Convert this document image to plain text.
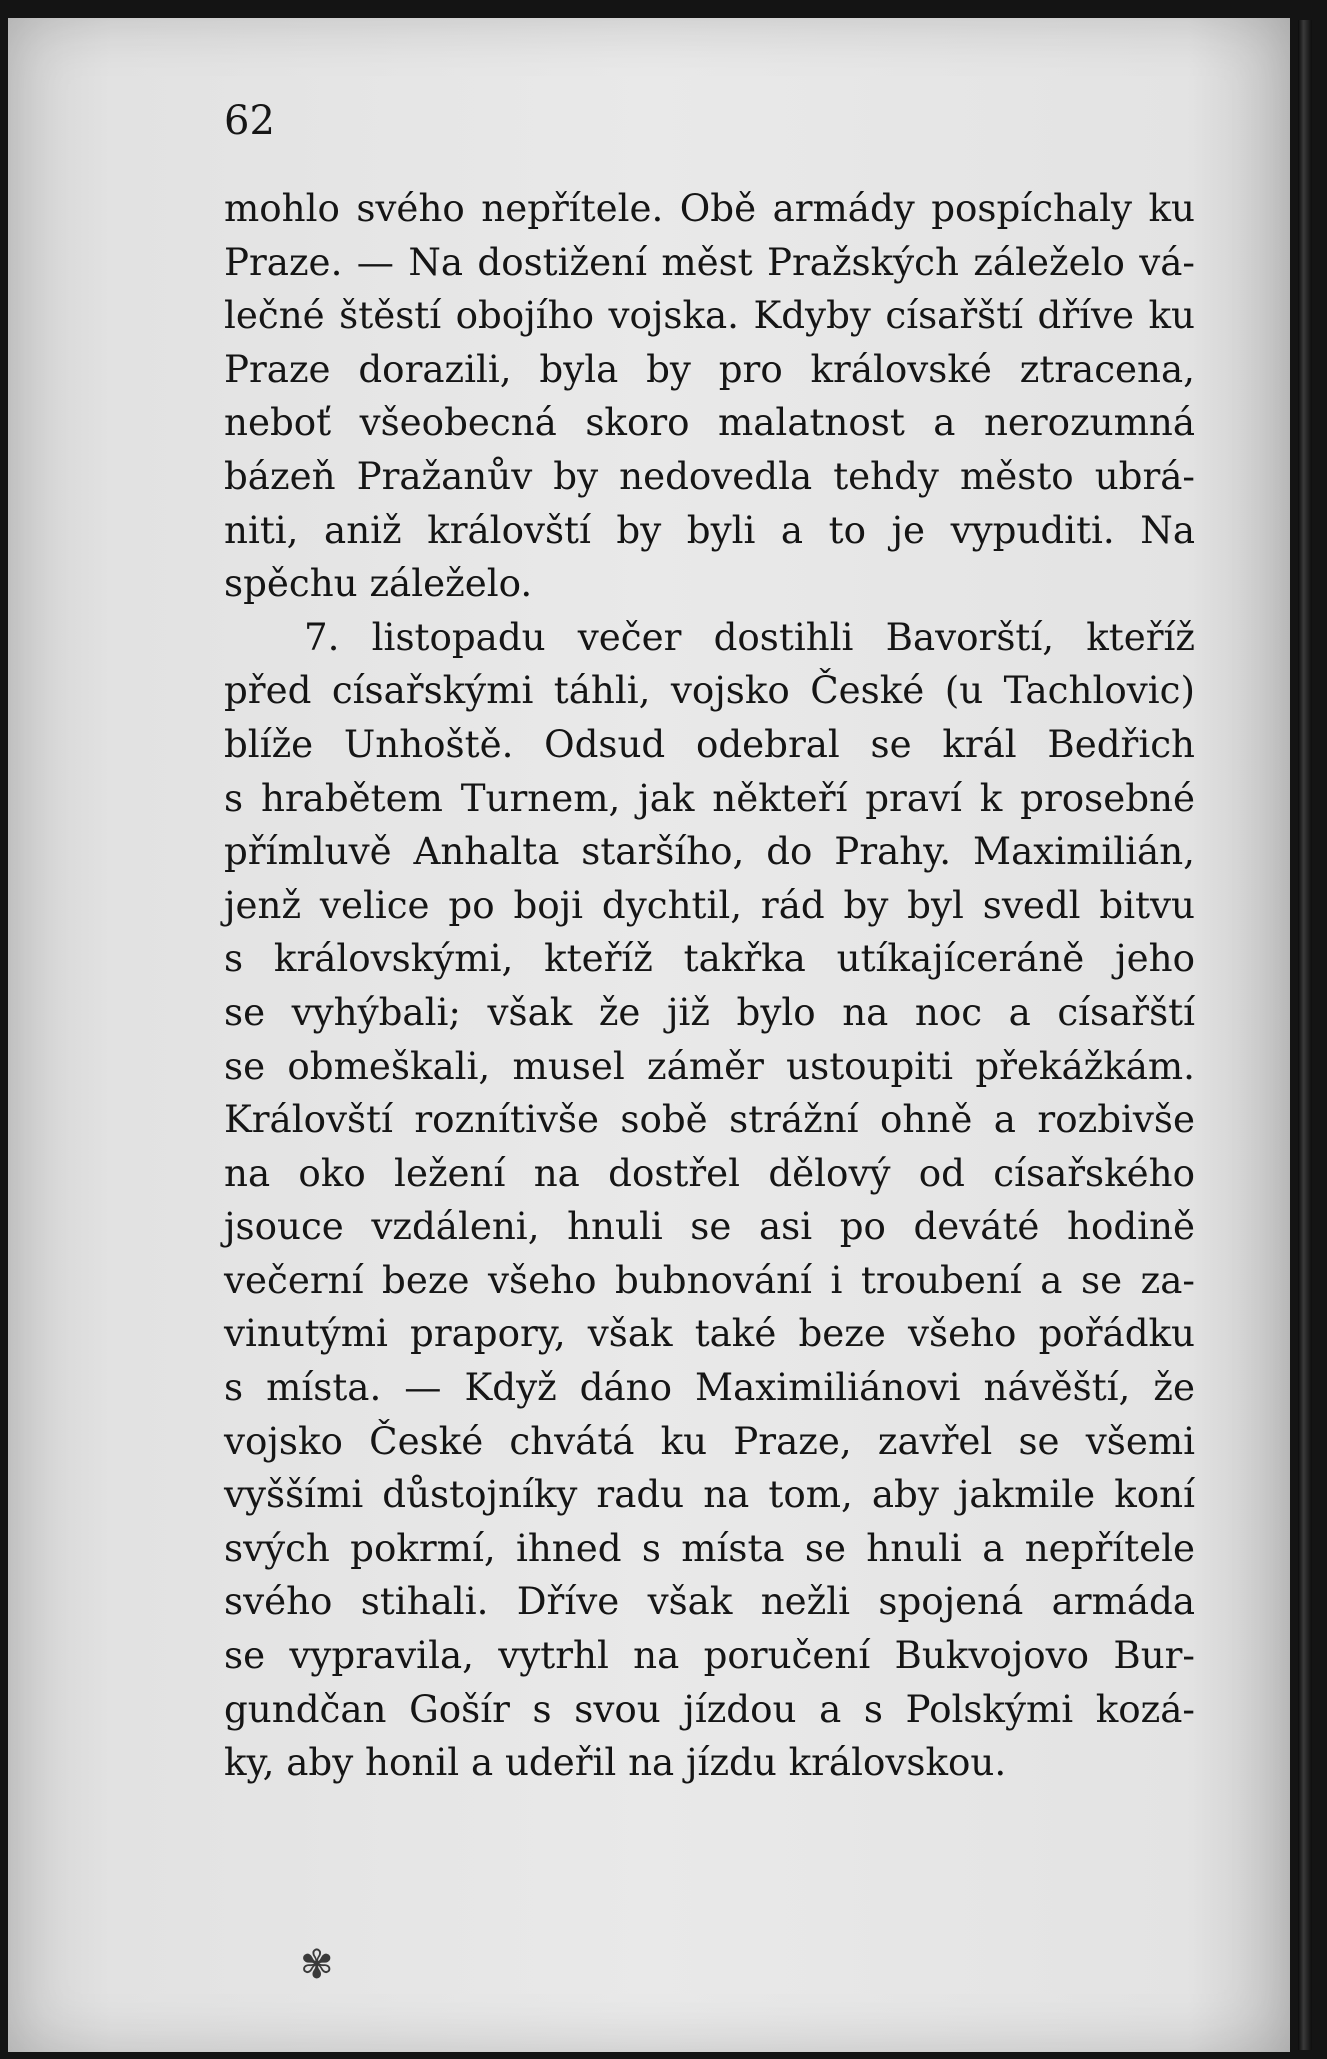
62
mohlo svého nepřítele. Obě armády pospíchaly ku
Praze. — Na dostižení měst Pražských záleželo vá-
lečné štěstí obojího vojska. Kdyby císařští dříve ku
Praze dorazili, byla by pro královské ztracena,
neboť všeobecná skoro malatnost a nerozumná
bázeň Pražanův by nedovedla tehdy město ubrá-
niti, aniž královští by byli a to je vypuditi. Na
spěchu záleželo.
7. listopadu večer dostihli Bavorští, kteříž
před císařskými táhli, vojsko České (u Tachlovic)
blíže Unhoště. Odsud odebral se král Bedřich
s hrabětem Turnem, jak někteří praví k prosebné
přímluvě Anhalta staršího, do Prahy. Maximilián,
jenž velice po boji dychtil, rád by byl svedl bitvu
s královskými, kteříž takřka utíkajíceráně jeho
se vyhýbali; však že již bylo na noc a císařští
se obmeškali, musel záměr ustoupiti překážkám.
Královští roznítivše sobě strážní ohně a rozbivše
na oko ležení na dostřel dělový od císařského
jsouce vzdáleni, hnuli se asi po deváté hodině
večerní beze všeho bubnování i troubení a se za-
vinutými prapory, však také beze všeho pořádku
s místa. — Když dáno Maximiliánovi návěští, že
vojsko České chvátá ku Praze, zavřel se všemi
vyššími důstojníky radu na tom, aby jakmile koní
svých pokrmí, ihned s místa se hnuli a nepřítele
svého stihali. Dříve však nežli spojená armáda
se vypravila, vytrhl na poručení Bukvojovo Bur-
gundčan Gošír s svou jízdou a s Polskými kozá-
ky, aby honil a udeřil na jízdu královskou.
✾
